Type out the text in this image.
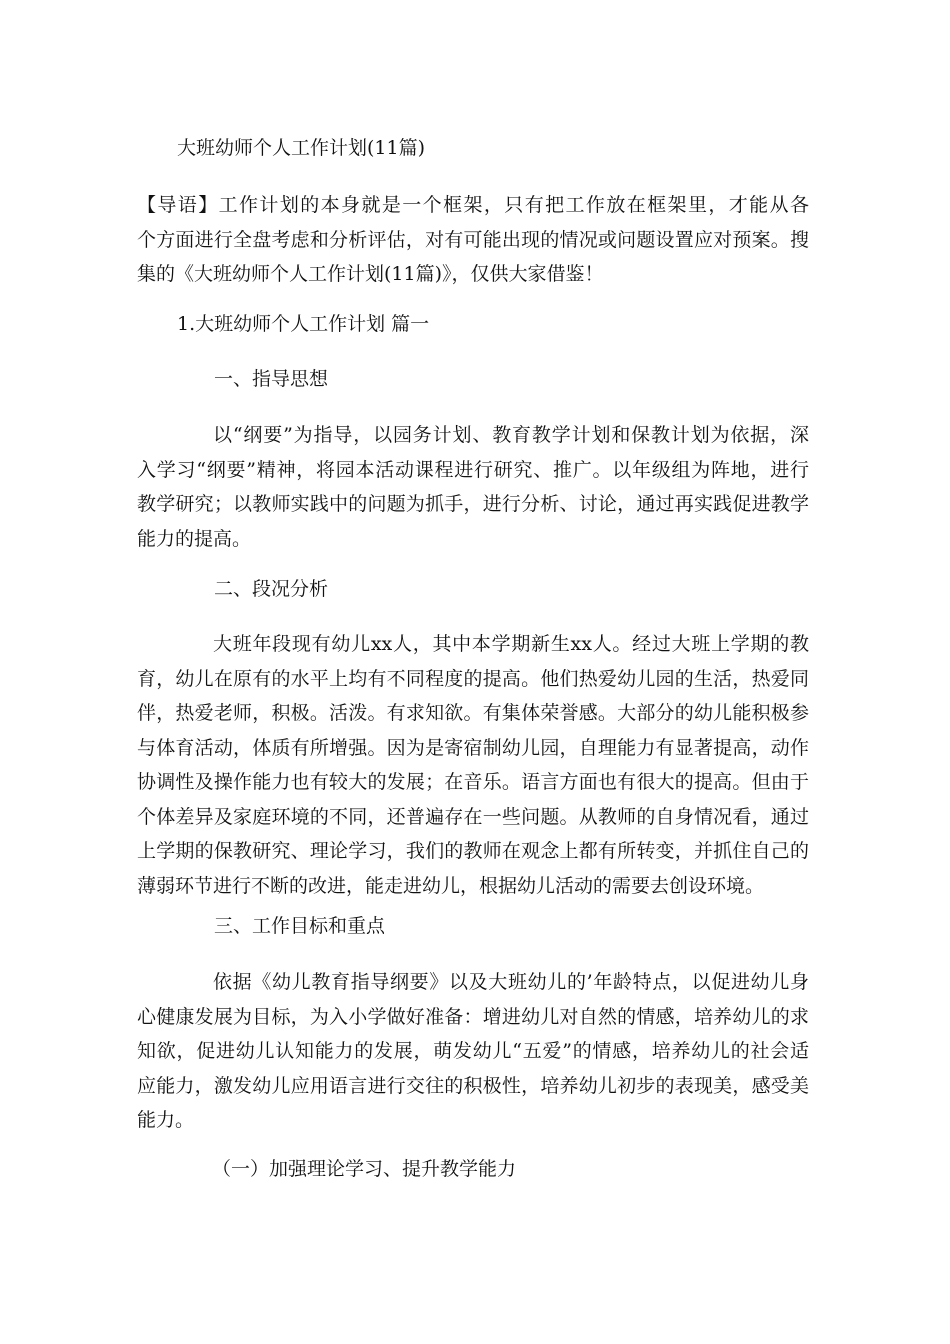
大班幼师个人工作计划(11篇)
【导语】工作计划的本身就是一个框架，只有把工作放在框架里，才能从各
个方面进行全盘考虑和分析评估，对有可能出现的情况或问题设置应对预案。搜
集的《大班幼师个人工作计划(11篇)》，仅供大家借鉴！
1.大班幼师个人工作计划 篇一
一、指导思想
以“纲要”为指导，以园务计划、教育教学计划和保教计划为依据，深
入学习“纲要”精神，将园本活动课程进行研究、推广。以年级组为阵地，进行
教学研究；以教师实践中的问题为抓手，进行分析、讨论，通过再实践促进教学
能力的提高。
二、段况分析
大班年段现有幼儿xx人，其中本学期新生xx人。经过大班上学期的教
育，幼儿在原有的水平上均有不同程度的提高。他们热爱幼儿园的生活，热爱同
伴，热爱老师，积极。活泼。有求知欲。有集体荣誉感。大部分的幼儿能积极参
与体育活动，体质有所增强。因为是寄宿制幼儿园，自理能力有显著提高，动作
协调性及操作能力也有较大的发展；在音乐。语言方面也有很大的提高。但由于
个体差异及家庭环境的不同，还普遍存在一些问题。从教师的自身情况看，通过
上学期的保教研究、理论学习，我们的教师在观念上都有所转变，并抓住自己的
薄弱环节进行不断的改进，能走进幼儿，根据幼儿活动的需要去创设环境。
三、工作目标和重点
依据《幼儿教育指导纲要》以及大班幼儿的’年龄特点，以促进幼儿身
心健康发展为目标，为入小学做好准备：增进幼儿对自然的情感，培养幼儿的求
知欲，促进幼儿认知能力的发展，萌发幼儿“五爱”的情感，培养幼儿的社会适
应能力，激发幼儿应用语言进行交往的积极性，培养幼儿初步的表现美，感受美
能力。
（一）加强理论学习、提升教学能力
